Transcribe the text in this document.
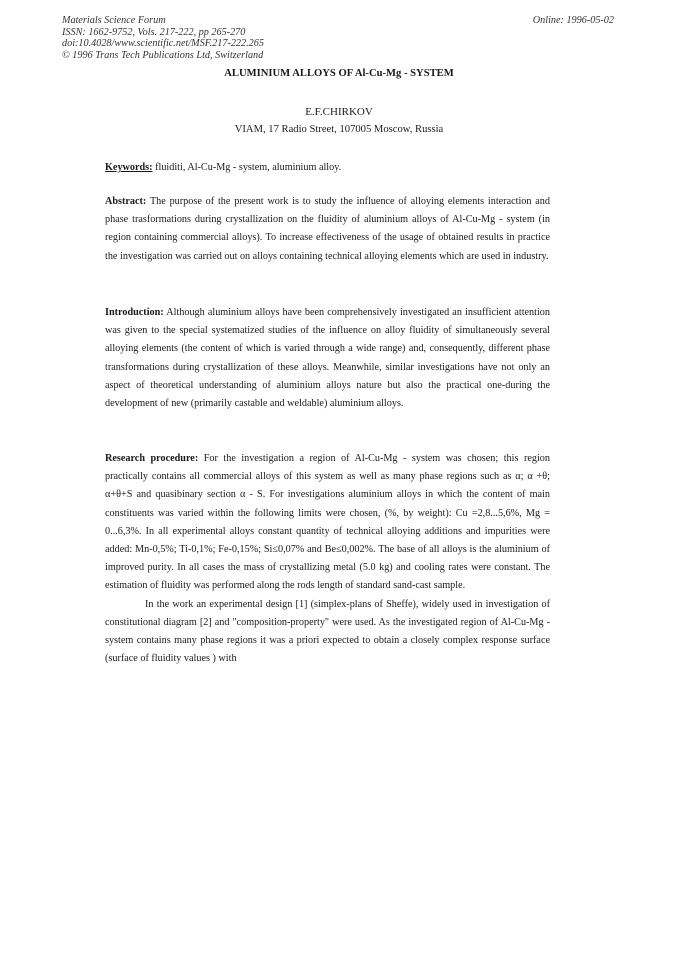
Materials Science Forum
ISSN: 1662-9752, Vols. 217-222, pp 265-270
doi:10.4028/www.scientific.net/MSF.217-222.265
© 1996 Trans Tech Publications Ltd, Switzerland
Online: 1996-05-02
ALUMINIUM ALLOYS OF Al-Cu-Mg - SYSTEM
E.F.CHIRKOV
VIAM, 17 Radio Street, 107005 Moscow, Russia
Keywords: fluiditi, Al-Cu-Mg - system, aluminium alloy.
Abstract: The purpose of the present work is to study the influence of alloying elements interaction and phase trasformations during crystallization on the fluidity of aluminium alloys of Al-Cu-Mg - system (in region containing commercial alloys). To increase effectiveness of the usage of obtained results in practice the investigation was carried out on alloys containing technical alloying elements which are used in industry.
Introduction: Although aluminium alloys have been comprehensively investigated an insufficient attention was given to the special systematized studies of the influence on alloy fluidity of simultaneously several alloying elements (the content of which is varied through a wide range) and, consequently, different phase transformations during crystallization of these alloys. Meanwhile, similar investigations have not only an aspect of theoretical understanding of aluminium alloys nature but also the practical one-during the development of new (primarily castable and weldable) aluminium alloys.
Research procedure: For the investigation a region of Al-Cu-Mg - system was chosen; this region practically contains all commercial alloys of this system as well as many phase regions such as α; α +θ; α+θ+S and quasibinary section α - S. For investigations aluminium alloys in which the content of main constituents was varied within the following limits were chosen, (%, by weight): Cu =2,8...5,6%, Mg = 0...6,3%. In all experimental alloys constant quantity of technical alloying additions and impurities were added: Mn-0,5%; Ti-0,1%; Fe-0,15%; Si≤0,07% and Be≤0,002%. The base of all alloys is the aluminium of improved purity. In all cases the mass of crystallizing metal (5.0 kg) and cooling rates were constant. The estimation of fluidity was performed along the rods length of standard sand-cast sample.
In the work an experimental design [1] (simplex-plans of Sheffe), widely used in investigation of constitutional diagram [2] and "composition-property" were used. As the investigated region of Al-Cu-Mg - system contains many phase regions it was a priori expected to obtain a closely complex response surface (surface of fluidity values ) with
